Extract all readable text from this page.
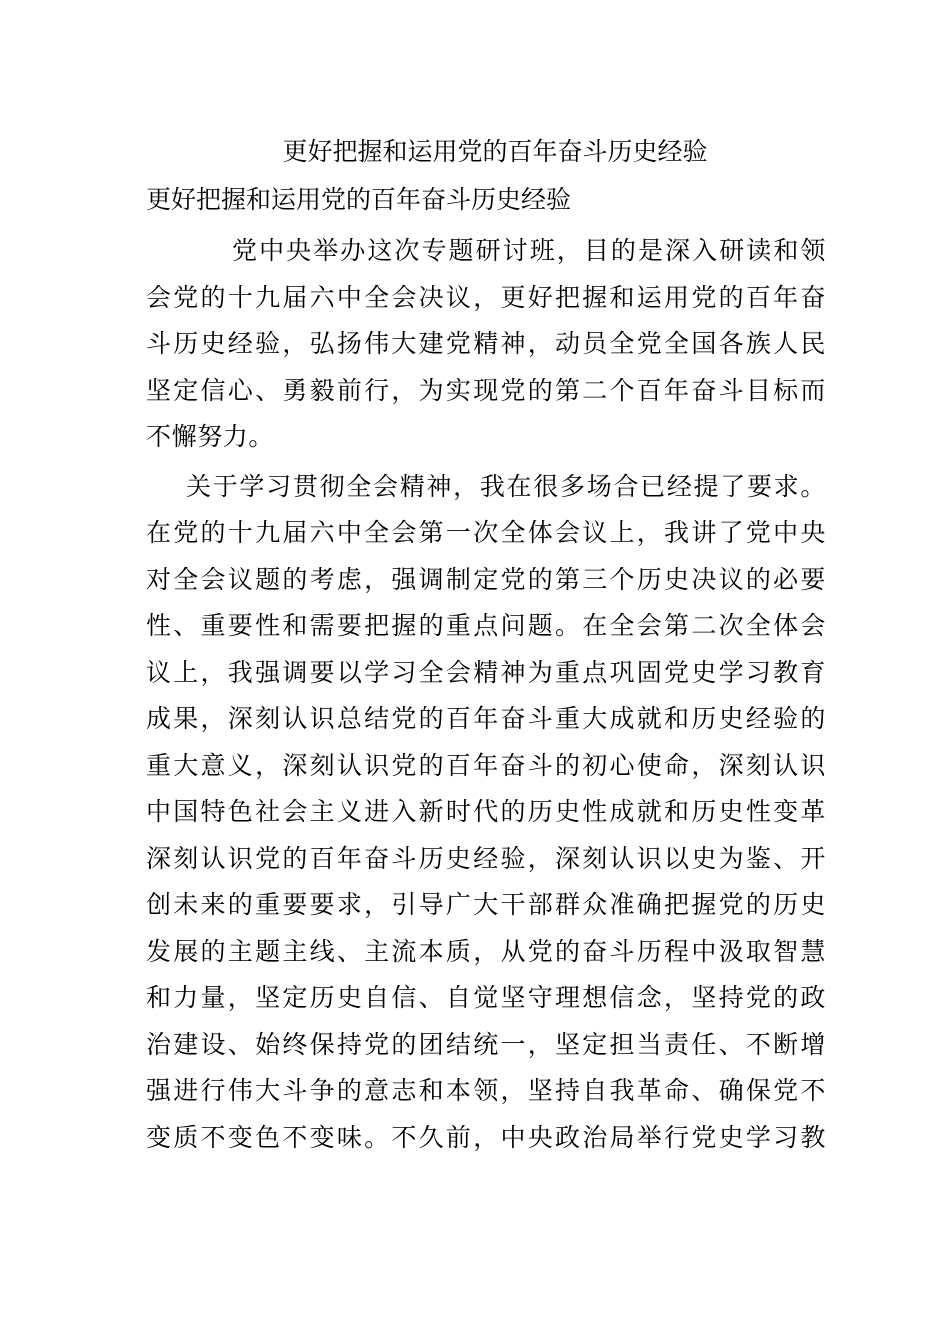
更好把握和运用党的百年奋斗历史经验
更好把握和运用党的百年奋斗历史经验
党中央举办这次专题研讨班，目的是深入研读和领
会党的十九届六中全会决议，更好把握和运用党的百年奋
斗历史经验，弘扬伟大建党精神，动员全党全国各族人民
坚定信心、勇毅前行，为实现党的第二个百年奋斗目标而
不懈努力。
关于学习贯彻全会精神，我在很多场合已经提了要求。
在党的十九届六中全会第一次全体会议上，我讲了党中央
对全会议题的考虑，强调制定党的第三个历史决议的必要
性、重要性和需要把握的重点问题。在全会第二次全体会
议上，我强调要以学习全会精神为重点巩固党史学习教育
成果，深刻认识总结党的百年奋斗重大成就和历史经验的
重大意义，深刻认识党的百年奋斗的初心使命，深刻认识
中国特色社会主义进入新时代的历史性成就和历史性变革
深刻认识党的百年奋斗历史经验，深刻认识以史为鉴、开
创未来的重要要求，引导广大干部群众准确把握党的历史
发展的主题主线、主流本质，从党的奋斗历程中汲取智慧
和力量，坚定历史自信、自觉坚守理想信念，坚持党的政
治建设、始终保持党的团结统一，坚定担当责任、不断增
强进行伟大斗争的意志和本领，坚持自我革命、确保党不
变质不变色不变味。不久前，中央政治局举行党史学习教
